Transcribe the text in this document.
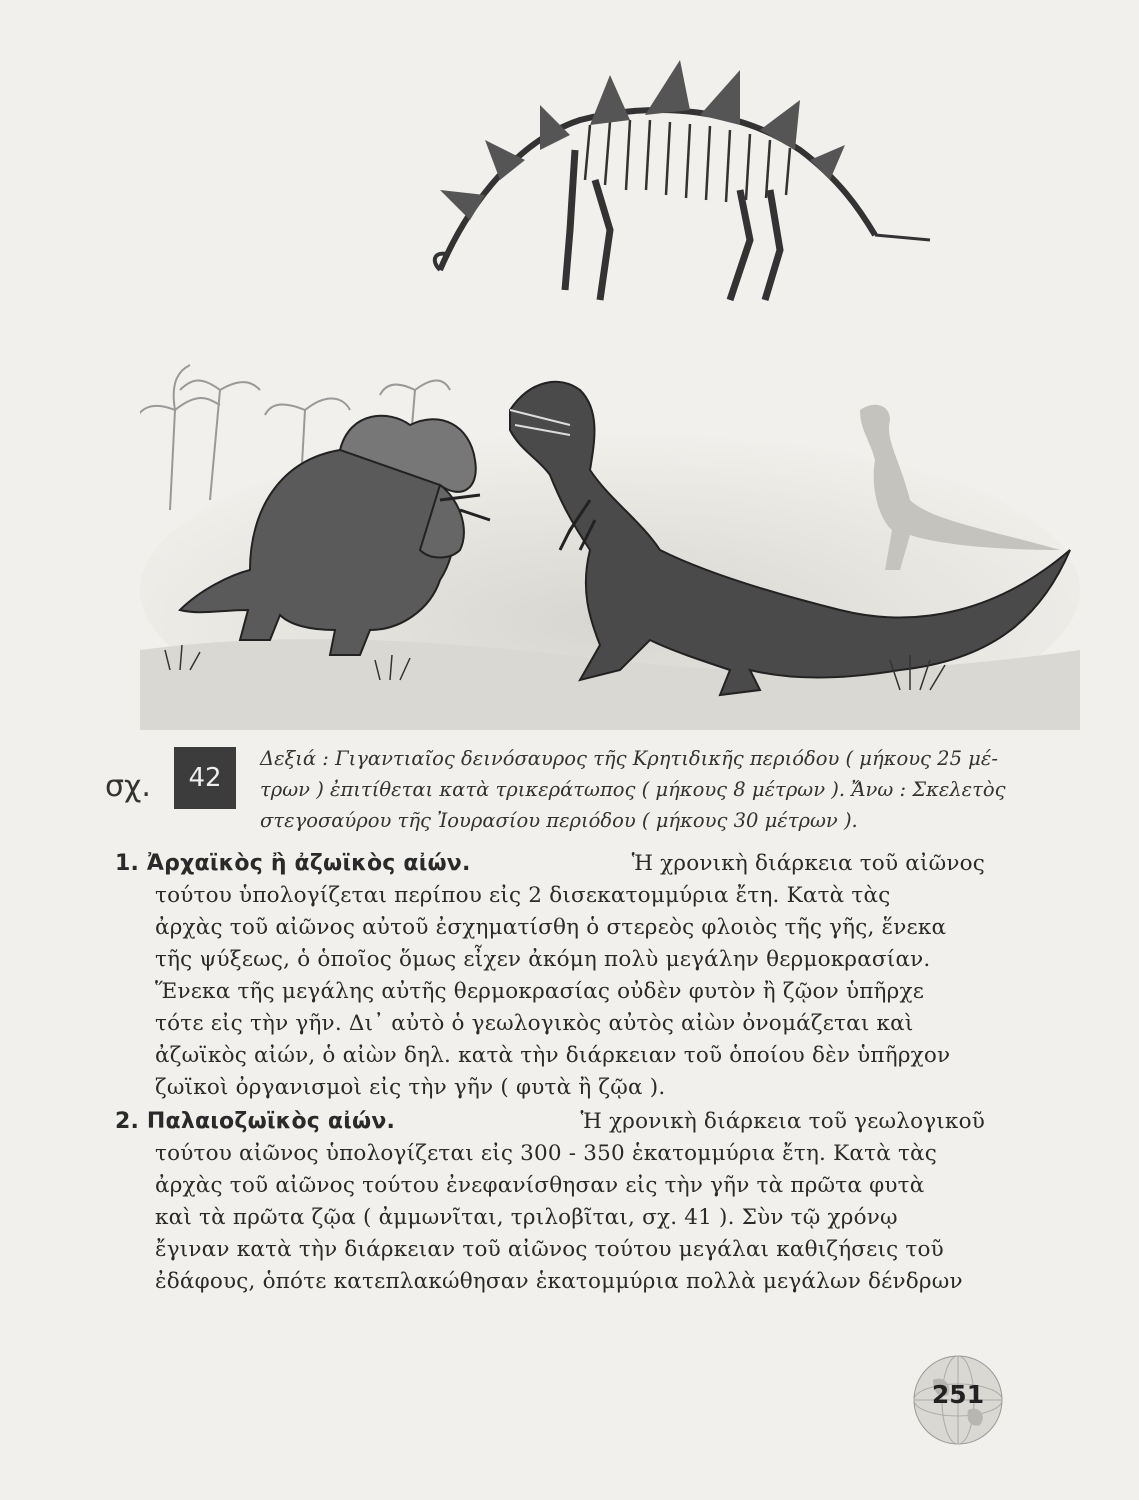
σχ.	42
Δεξιά : Γιγαντιαῖος δεινόσαυρος τῆς Κρητιδικῆς περιόδου ( μήκους 25 μέ-
τρων ) ἐπιτίθεται κατὰ τρικεράτωπος ( μήκους 8 μέτρων ). Ἄνω : Σκελετὸς
στεγοσαύρου τῆς Ἰουρασίου περιόδου ( μήκους 30 μέτρων ).
1. Ἀρχαϊκὸς ἢ ἀζωϊκὸς αἰών.	Ἡ χρονικὴ διάρκεια τοῦ αἰῶνος
τούτου ὑπολογίζεται περίπου εἰς 2 δισεκατομμύρια ἔτη. Κατὰ τὰς
ἀρχὰς τοῦ αἰῶνος αὐτοῦ ἐσχηματίσθη ὁ στερεὸς φλοιὸς τῆς γῆς, ἕνεκα
τῆς ψύξεως, ὁ ὁποῖος ὅμως εἶχεν ἀκόμη πολὺ μεγάλην θερμοκρασίαν.
Ἕνεκα τῆς μεγάλης αὐτῆς θερμοκρασίας οὐδὲν φυτὸν ἢ ζῷον ὑπῆρχε
τότε εἰς τὴν γῆν. Δι᾽ αὐτὸ ὁ γεωλογικὸς αὐτὸς αἰὼν ὀνομάζεται καὶ
ἀζωϊκὸς αἰών, ὁ αἰὼν δηλ. κατὰ τὴν διάρκειαν τοῦ ὁποίου δὲν ὑπῆρχον
ζωϊκοὶ ὀργανισμοὶ εἰς τὴν γῆν ( φυτὰ ἢ ζῷα ).
2. Παλαιοζωϊκὸς αἰών.	Ἡ χρονικὴ διάρκεια τοῦ γεωλογικοῦ
τούτου αἰῶνος ὑπολογίζεται εἰς 300 - 350 ἑκατομμύρια ἔτη. Κατὰ τὰς
ἀρχὰς τοῦ αἰῶνος τούτου ἐνεφανίσθησαν εἰς τὴν γῆν τὰ πρῶτα φυτὰ
καὶ τὰ πρῶτα ζῷα ( ἀμμωνῖται, τριλοβῖται, σχ. 41 ). Σὺν τῷ χρόνῳ
ἔγιναν κατὰ τὴν διάρκειαν τοῦ αἰῶνος τούτου μεγάλαι καθιζήσεις τοῦ
ἐδάφους, ὁπότε κατεπλακώθησαν ἑκατομμύρια πολλὰ μεγάλων δένδρων
251
